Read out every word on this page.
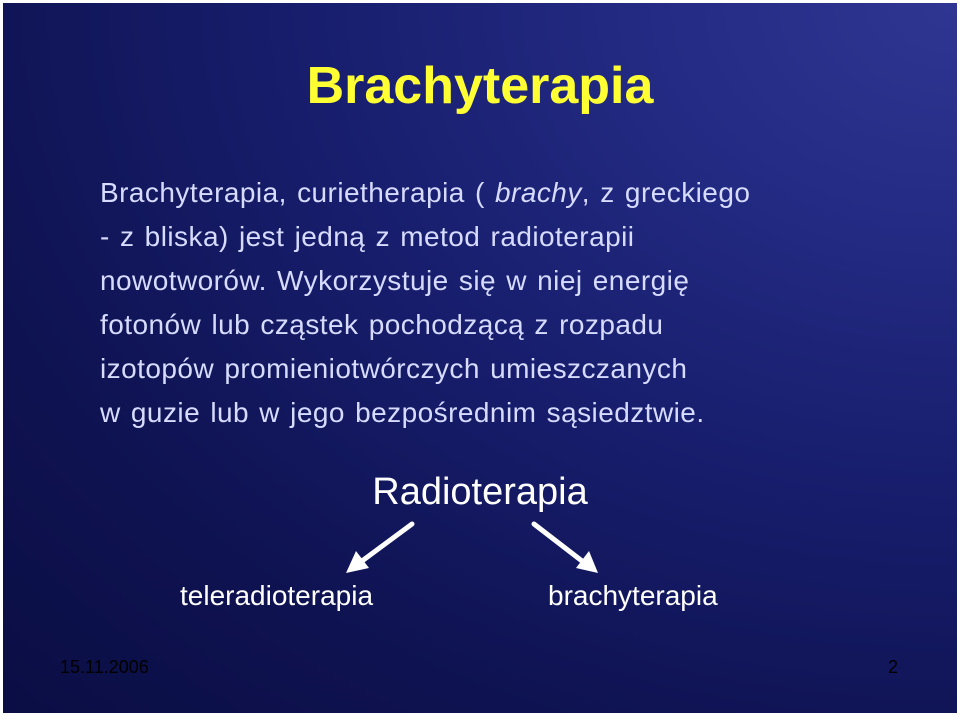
Brachyterapia
Brachyterapia, curietherapia ( brachy, z greckiego
- z bliska) jest jedną z metod radioterapii
nowotworów. Wykorzystuje się w niej energię
fotonów lub cząstek pochodzącą z rozpadu
izotopów promieniotwórczych umieszczanych
w guzie lub w jego bezpośrednim sąsiedztwie.
Radioterapia
teleradioterapia	brachyterapia
15.11.2006	2
